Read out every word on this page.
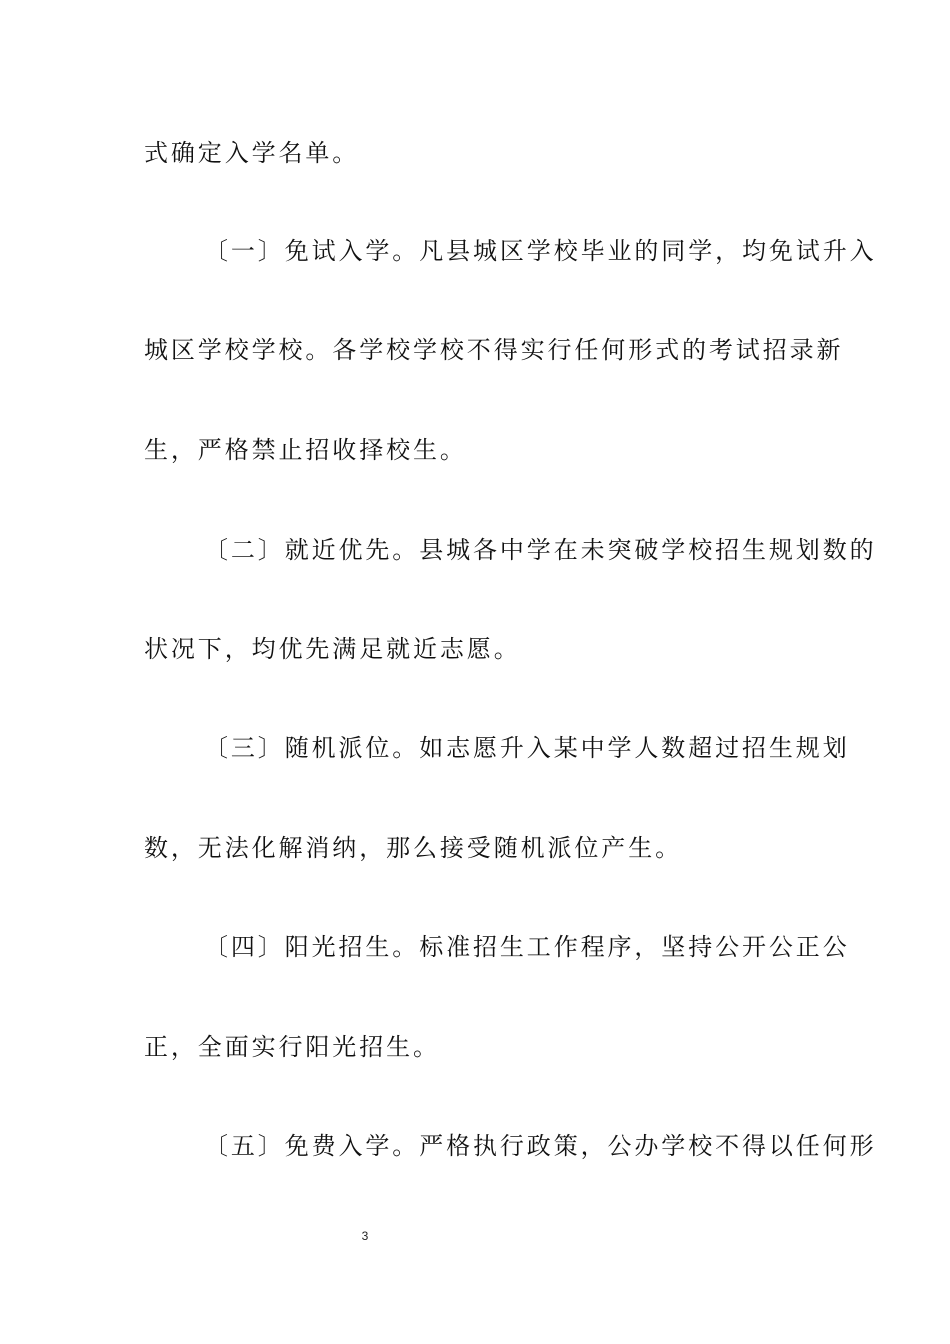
式确定入学名单。
〔一〕免试入学。凡县城区学校毕业的同学，均免试升入
城区学校学校。各学校学校不得实行任何形式的考试招录新
生，严格禁止招收择校生。
〔二〕就近优先。县城各中学在未突破学校招生规划数的
状况下，均优先满足就近志愿。
〔三〕随机派位。如志愿升入某中学人数超过招生规划
数，无法化解消纳，那么接受随机派位产生。
〔四〕阳光招生。标准招生工作程序，坚持公开公正公
正，全面实行阳光招生。
〔五〕免费入学。严格执行政策，公办学校不得以任何形
3
